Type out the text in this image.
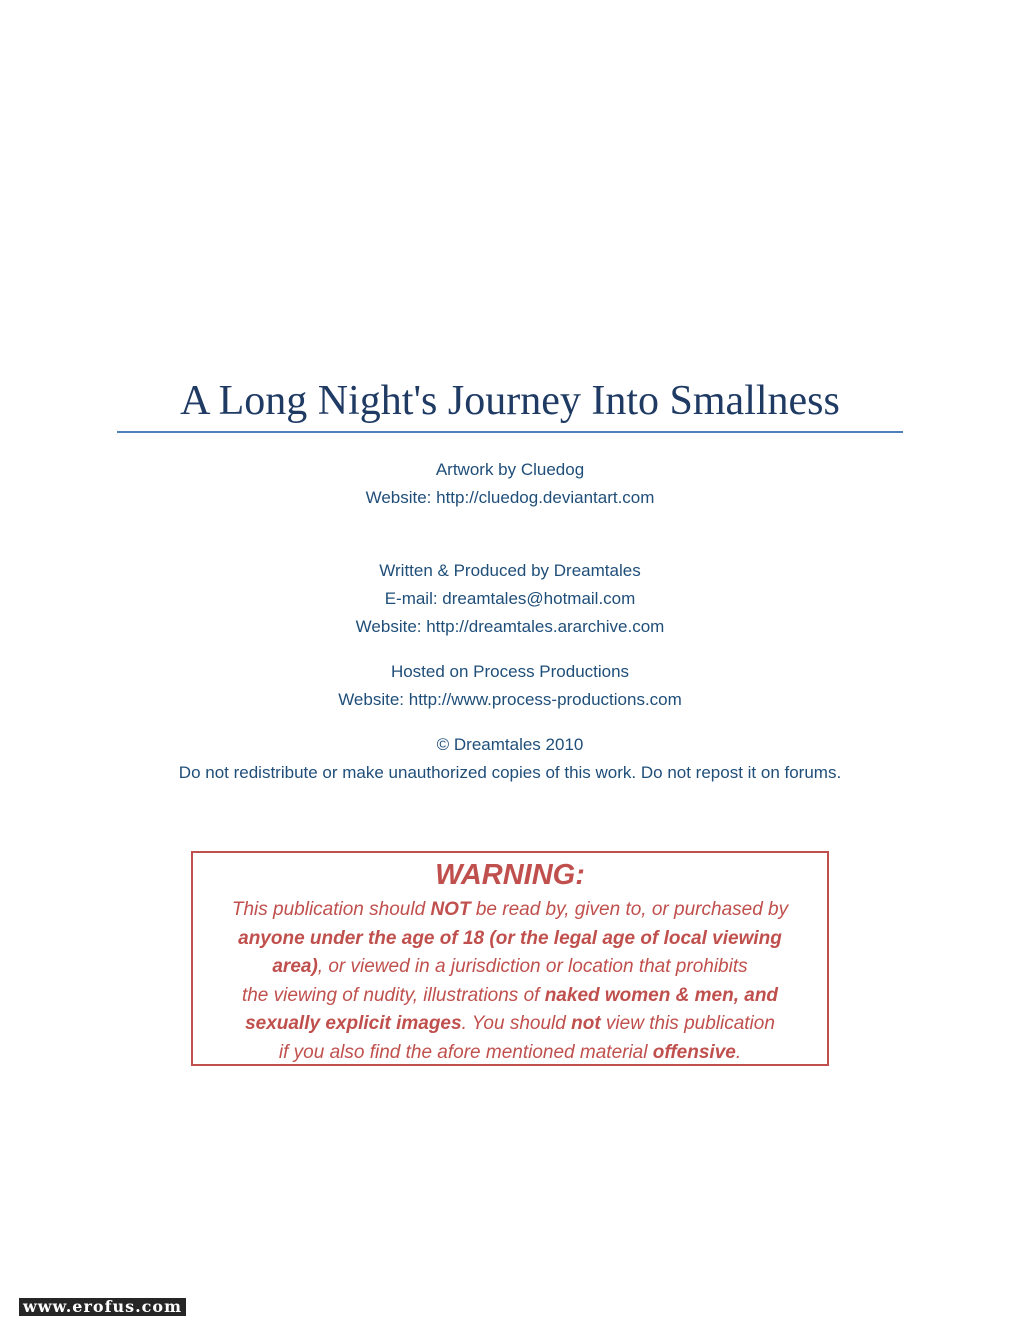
A Long Night's Journey Into Smallness
Artwork by Cluedog
Website: http://cluedog.deviantart.com
Written & Produced by Dreamtales
E-mail: dreamtales@hotmail.com
Website: http://dreamtales.ararchive.com
Hosted on Process Productions
Website: http://www.process-productions.com
© Dreamtales 2010
Do not redistribute or make unauthorized copies of this work. Do not repost it on forums.
WARNING:
This publication should NOT be read by, given to, or purchased by
anyone under the age of 18 (or the legal age of local viewing
area), or viewed in a jurisdiction or location that prohibits
the viewing of nudity, illustrations of naked women & men, and
sexually explicit images. You should not view this publication
if you also find the afore mentioned material offensive.
www.erofus.com
